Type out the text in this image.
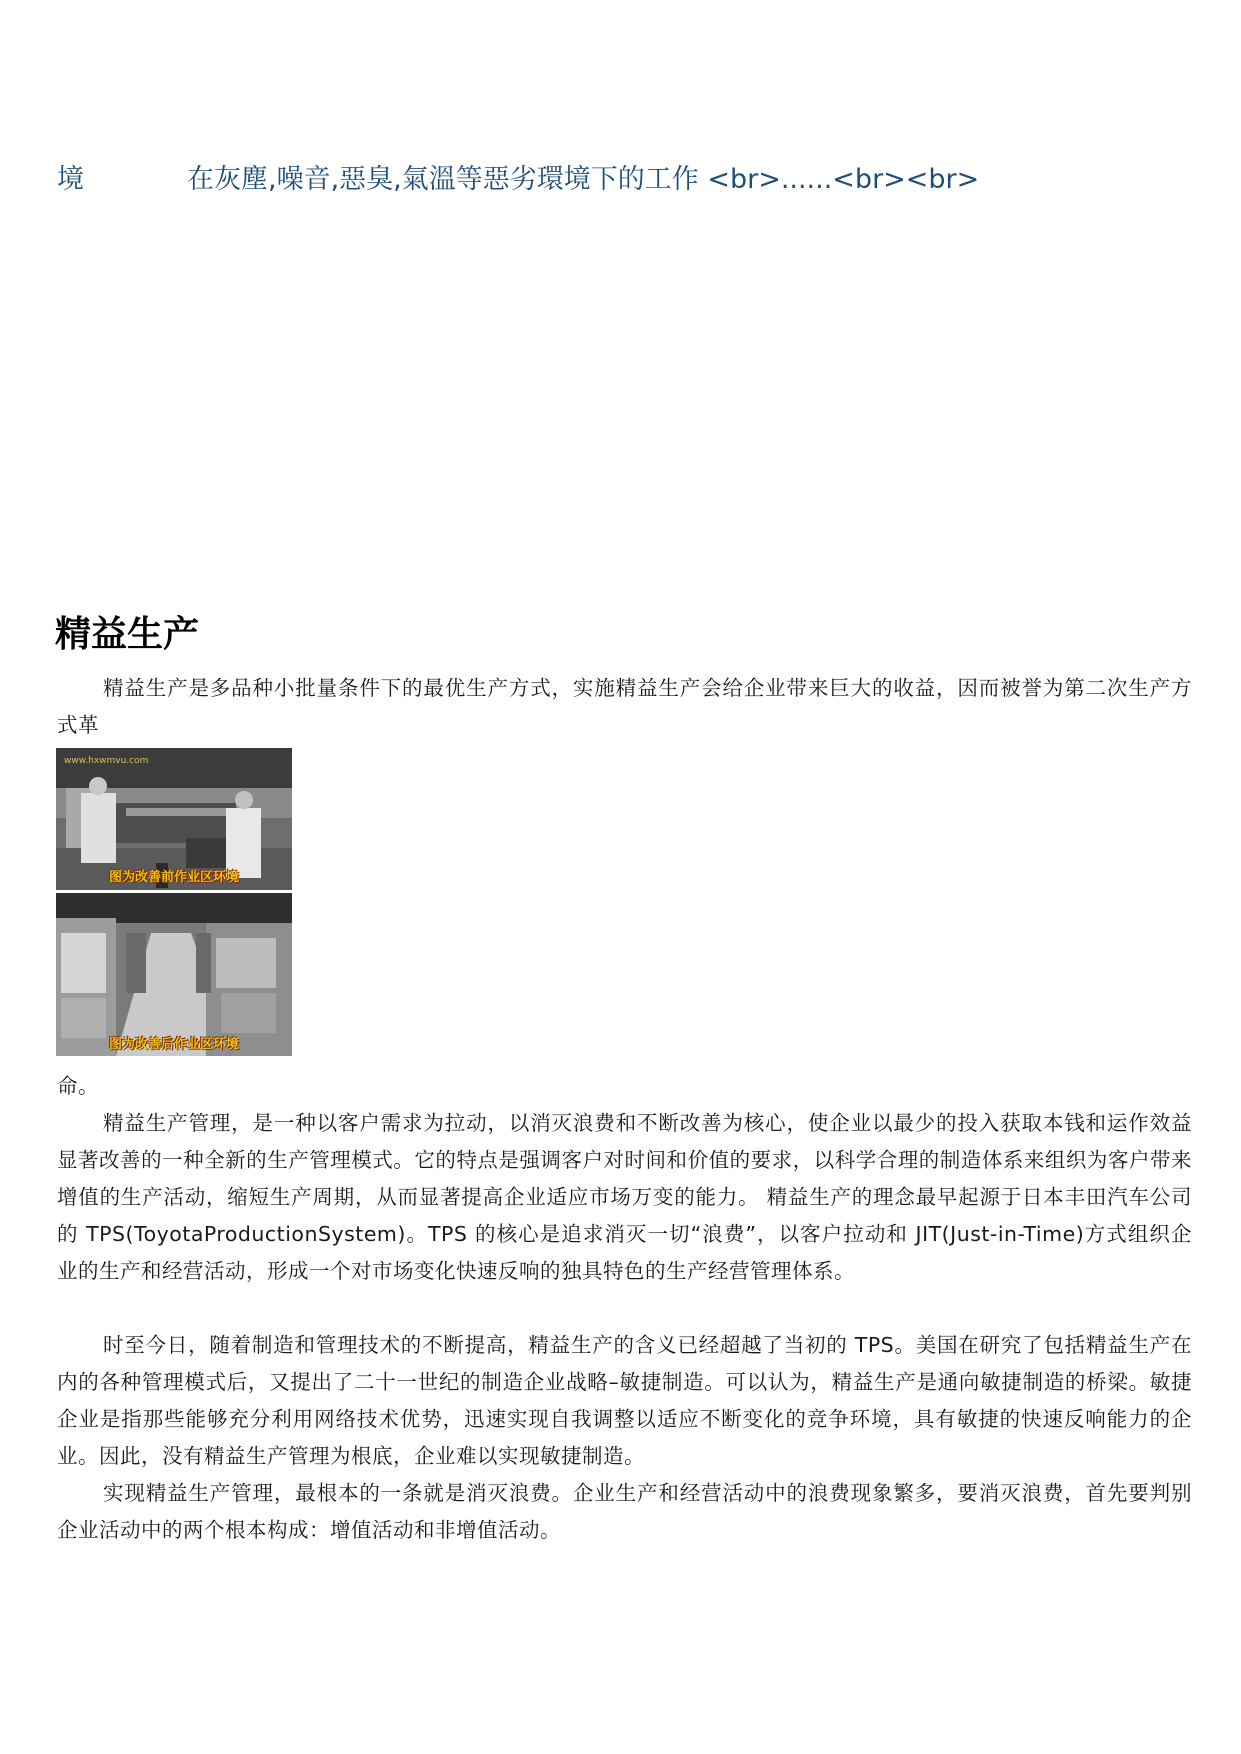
境	在灰塵,噪音,惡臭,氣溫等惡劣環境下的工作 <br>......<br><br>
精益生产

精益生产是多品种小批量条件下的最优生产方式，实施精益生产会给企业带来巨大的收益，因而被誉为第二次生产方式革

www.hxwmvu.com
图为改善前作业区环境
图为改善后作业区环境

命。

精益生产管理，是一种以客户需求为拉动，以消灭浪费和不断改善为核心，使企业以最少的投入获取本钱和运作效益显著改善的一种全新的生产管理模式。它的特点是强调客户对时间和价值的要求，以科学合理的制造体系来组织为客户带来增值的生产活动，缩短生产周期，从而显著提高企业适应市场万变的能力。 精益生产的理念最早起源于日本丰田汽车公司的 TPS(ToyotaProductionSystem)。TPS 的核心是追求消灭一切“浪费”，以客户拉动和 JIT(Just-in-Time)方式组织企业的生产和经营活动，形成一个对市场变化快速反响的独具特色的生产经营管理体系。

时至今日，随着制造和管理技术的不断提高，精益生产的含义已经超越了当初的 TPS。美国在研究了包括精益生产在内的各种管理模式后，又提出了二十一世纪的制造企业战略–敏捷制造。可以认为，精益生产是通向敏捷制造的桥梁。敏捷企业是指那些能够充分利用网络技术优势，迅速实现自我调整以适应不断变化的竞争环境，具有敏捷的快速反响能力的企业。因此，没有精益生产管理为根底，企业难以实现敏捷制造。

实现精益生产管理，最根本的一条就是消灭浪费。企业生产和经营活动中的浪费现象繁多，要消灭浪费，首先要判别企业活动中的两个根本构成：增值活动和非增值活动。
